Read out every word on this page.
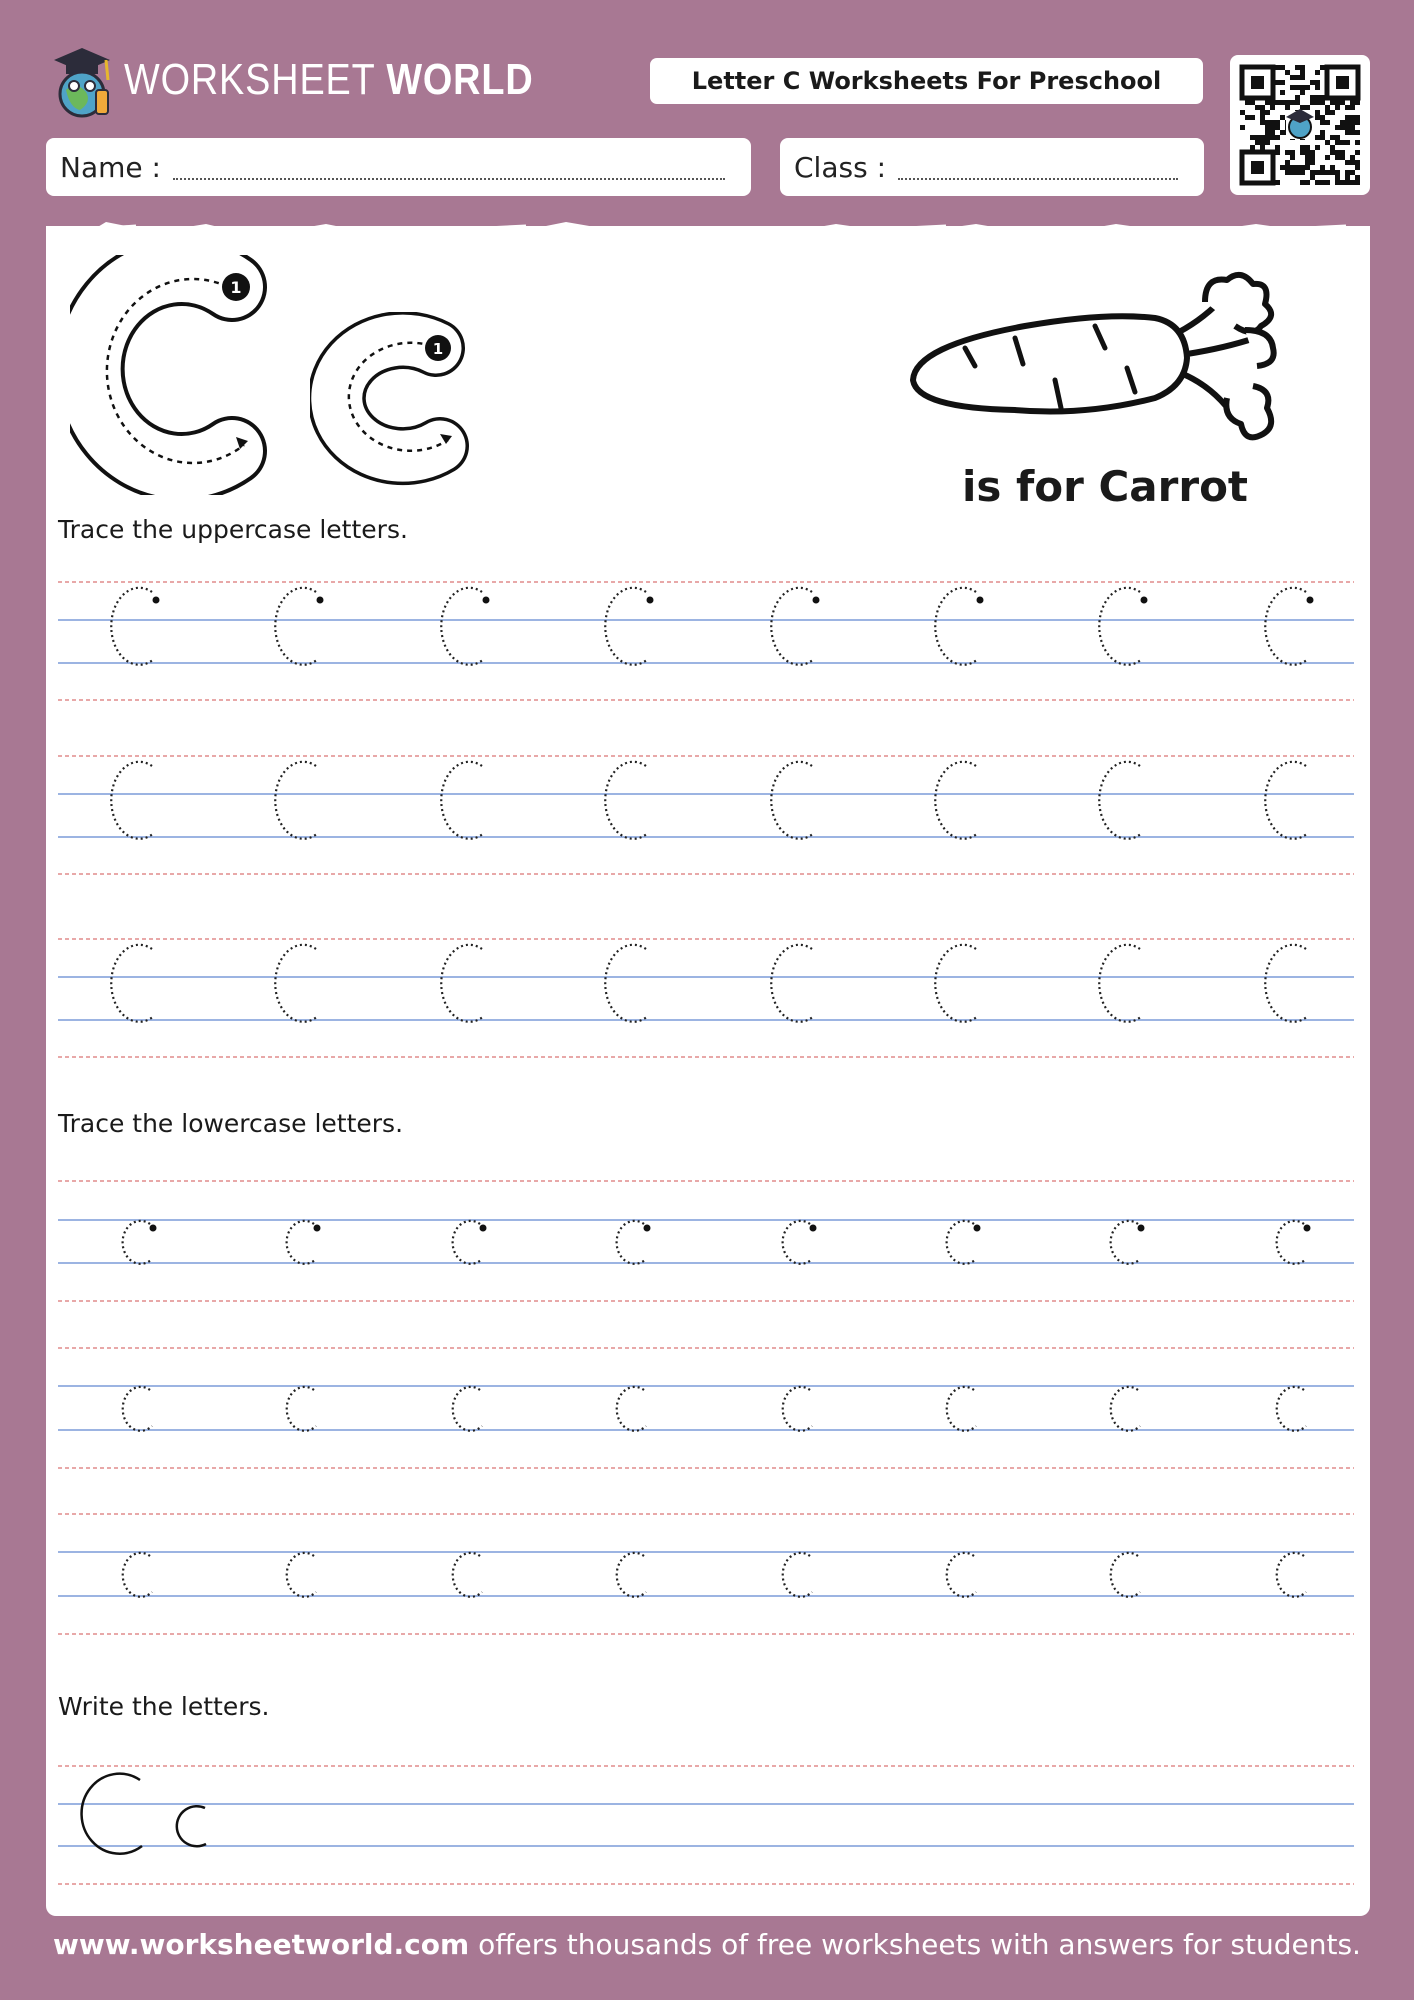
WORKSHEET WORLD	Letter C Worksheets For Preschool
Name :	Class :
1
1
is for Carrot
Trace the uppercase letters.
Trace the lowercase letters.
Write the letters.
www.worksheetworld.com offers thousands of free worksheets with answers for students.
